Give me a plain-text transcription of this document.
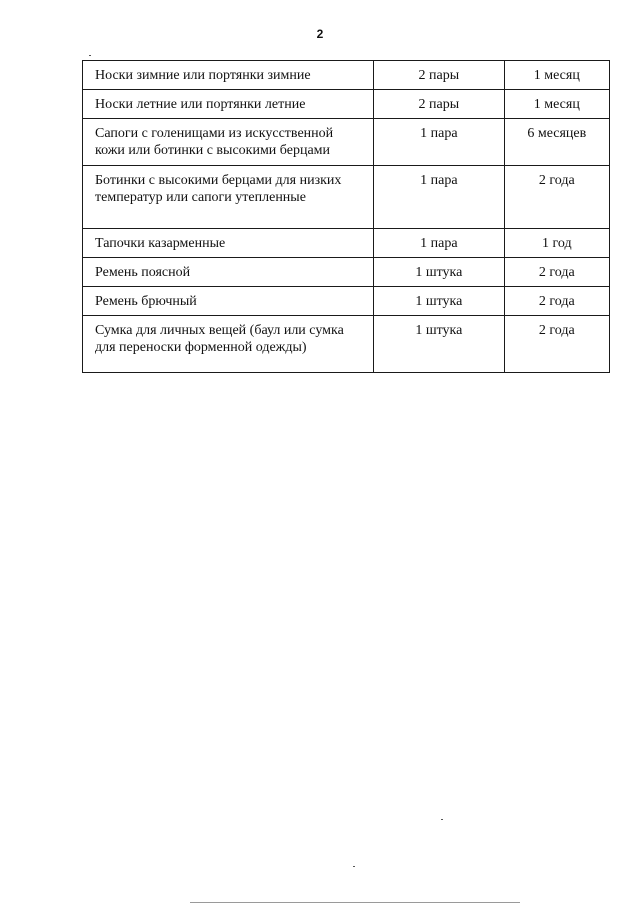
2
Носки зимние или портянки зимние	2 пары	1 месяц
Носки летние или портянки летние	2 пары	1 месяц
Сапоги с голенищами из искусственной кожи или ботинки с высокими берцами	1 пара	6 месяцев
Ботинки с высокими берцами для низких температур или сапоги утепленные	1 пара	2 года
Тапочки казарменные	1 пара	1 год
Ремень поясной	1 штука	2 года
Ремень брючный	1 штука	2 года
Сумка для личных вещей (баул или сумка для переноски форменной одежды)	1 штука	2 года
